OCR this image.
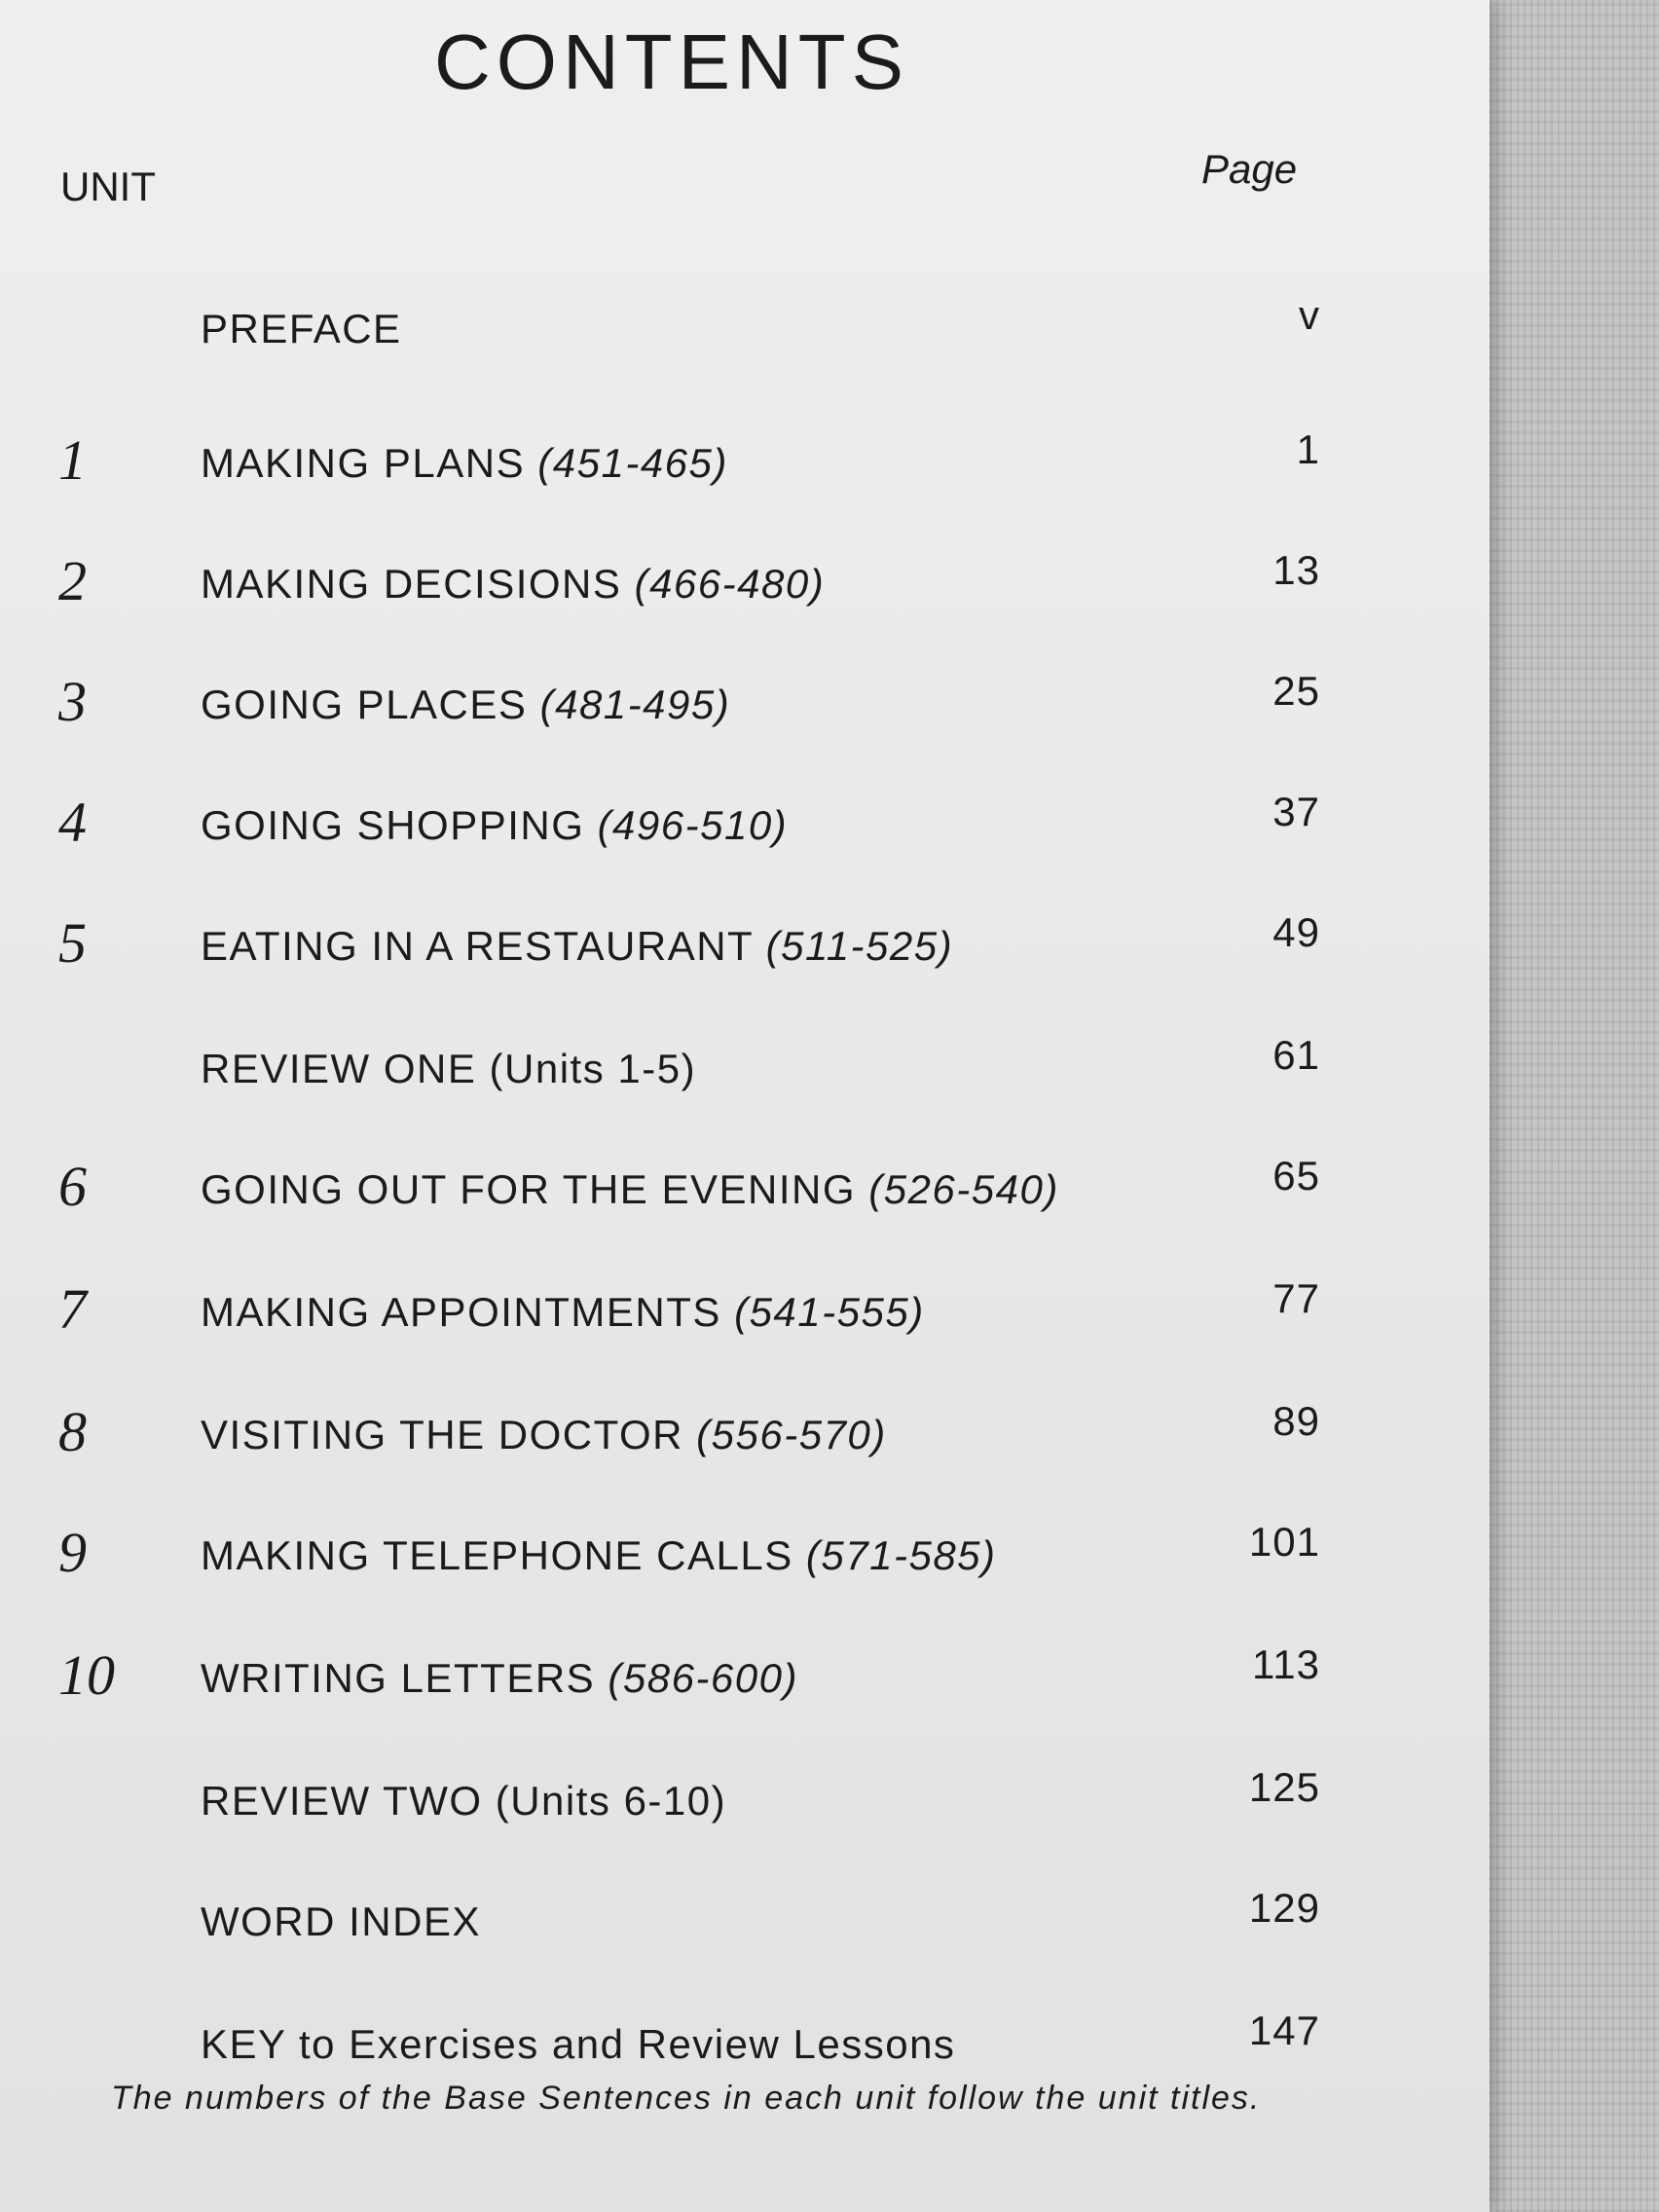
CONTENTS
UNIT	Page
PREFACE	v
1	MAKING PLANS (451-465)	1
2	MAKING DECISIONS (466-480)	13
3	GOING PLACES (481-495)	25
4	GOING SHOPPING (496-510)	37
5	EATING IN A RESTAURANT (511-525)	49
REVIEW ONE (Units 1-5)	61
6	GOING OUT FOR THE EVENING (526-540)	65
7	MAKING APPOINTMENTS (541-555)	77
8	VISITING THE DOCTOR (556-570)	89
9	MAKING TELEPHONE CALLS (571-585)	101
10	WRITING LETTERS (586-600)	113
REVIEW TWO (Units 6-10)	125
WORD INDEX	129
KEY to Exercises and Review Lessons	147
The numbers of the Base Sentences in each unit follow the unit titles.
